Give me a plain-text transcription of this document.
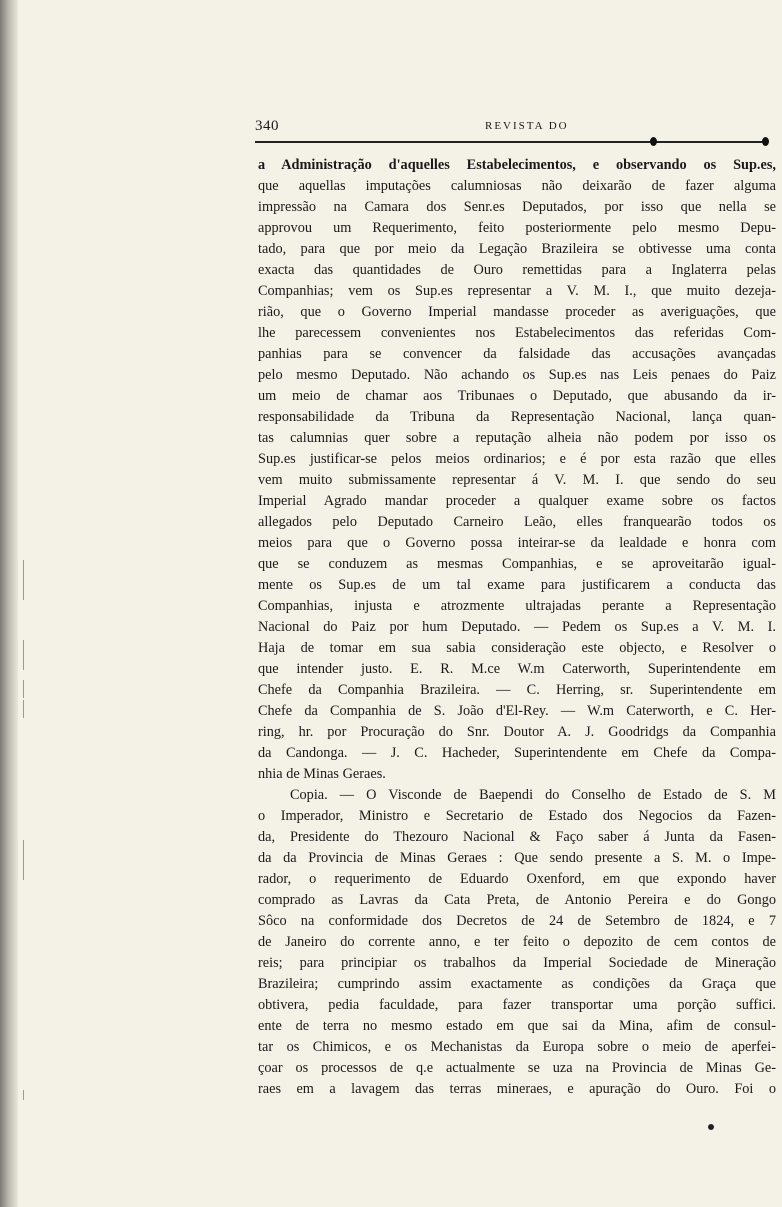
340	REVISTA DO
a Administração d'aquelles Estabelecimentos, e observando os Sup.es,
que aquellas imputações calumniosas não deixarão de fazer alguma
impressão na Camara dos Senr.es Deputados, por isso que nella se
approvou um Requerimento, feito posteriormente pelo mesmo Depu-
tado, para que por meio da Legação Brazileira se obtivesse uma conta
exacta das quantidades de Ouro remettidas para a Inglaterra pelas
Companhias; vem os Sup.es representar a V. M. I., que muito dezeja-
rião, que o Governo Imperial mandasse proceder as averiguações, que
lhe parecessem convenientes nos Estabelecimentos das referidas Com-
panhias para se convencer da falsidade das accusações avançadas
pelo mesmo Deputado. Não achando os Sup.es nas Leis penaes do Paiz
um meio de chamar aos Tribunaes o Deputado, que abusando da ir-
responsabilidade da Tribuna da Representação Nacional, lança quan-
tas calumnias quer sobre a reputação alheia não podem por isso os
Sup.es justificar-se pelos meios ordinarios; e é por esta razão que elles
vem muito submissamente representar á V. M. I. que sendo do seu
Imperial Agrado mandar proceder a qualquer exame sobre os factos
allegados pelo Deputado Carneiro Leão, elles franquearão todos os
meios para que o Governo possa inteirar-se da lealdade e honra com
que se conduzem as mesmas Companhias, e se aproveitarão igual-
mente os Sup.es de um tal exame para justificarem a conducta das
Companhias, injusta e atrozmente ultrajadas perante a Representação
Nacional do Paiz por hum Deputado. — Pedem os Sup.es a V. M. I.
Haja de tomar em sua sabia consideração este objecto, e Resolver o
que intender justo. E. R. M.ce W.m Caterworth, Superintendente em
Chefe da Companhia Brazileira. — C. Herring, sr. Superintendente em
Chefe da Companhia de S. João d'El-Rey. — W.m Caterworth, e C. Her-
ring, hr. por Procuração do Snr. Doutor A. J. Goodridgs da Companhia
da Candonga. — J. C. Hacheder, Superintendente em Chefe da Compa-
nhia de Minas Geraes.
Copia. — O Visconde de Baependi do Conselho de Estado de S. M
o Imperador, Ministro e Secretario de Estado dos Negocios da Fazen-
da, Presidente do Thezouro Nacional & Faço saber á Junta da Fasen-
da da Provincia de Minas Geraes : Que sendo presente a S. M. o Impe-
rador, o requerimento de Eduardo Oxenford, em que expondo haver
comprado as Lavras da Cata Preta, de Antonio Pereira e do Gongo
Sôco na conformidade dos Decretos de 24 de Setembro de 1824, e 7
de Janeiro do corrente anno, e ter feito o depozito de cem contos de
reis; para principiar os trabalhos da Imperial Sociedade de Mineração
Brazileira; cumprindo assim exactamente as condições da Graça que
obtivera, pedia faculdade, para fazer transportar uma porção suffici.
ente de terra no mesmo estado em que sai da Mina, afim de consul-
tar os Chimicos, e os Mechanistas da Europa sobre o meio de aperfei-
çoar os processos de q.e actualmente se uza na Provincia de Minas Ge-
raes em a lavagem das terras mineraes, e apuração do Ouro. Foi o
